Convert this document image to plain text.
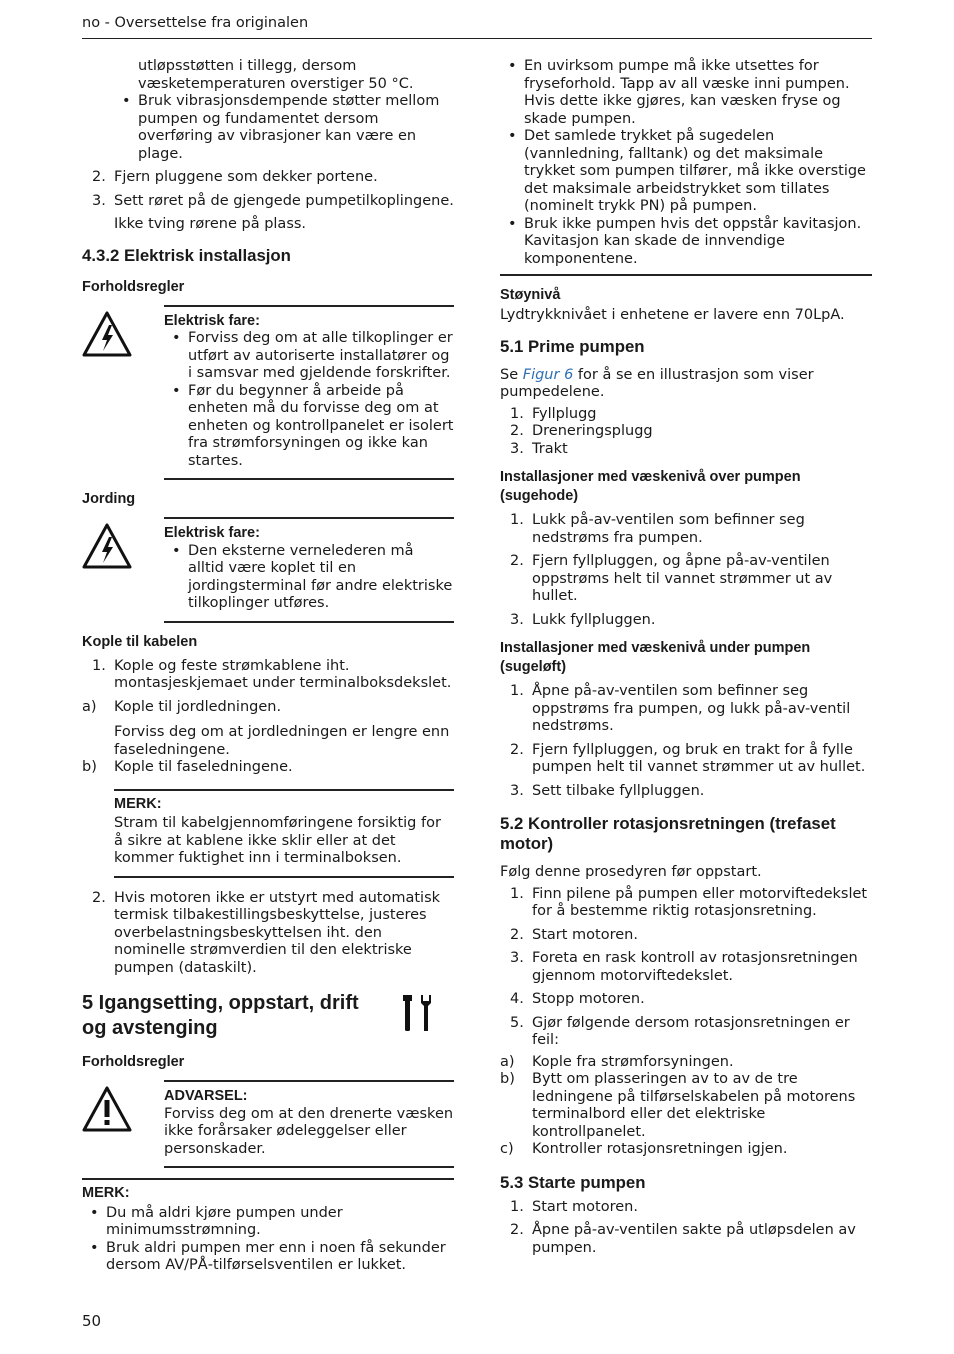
no - Oversettelse fra originalen
utløpsstøtten i tillegg, dersom væsketemperaturen overstiger 50 °C.
• Bruk vibrasjonsdempende støtter mellom pumpen og fundamentet dersom overføring av vibrasjoner kan være en plage.
2. Fjern pluggene som dekker portene.
3. Sett røret på de gjengede pumpetilkoplingene.

Ikke tving rørene på plass.

4.3.2 Elektrisk installasjon
Forholdsregler
Elektrisk fare:
• Forviss deg om at alle tilkoplinger er utført av autoriserte installatører og i samsvar med gjeldende forskrifter.
• Før du begynner å arbeide på enheten må du forvisse deg om at enheten og kontrollpanelet er isolert fra strømforsyningen og ikke kan startes.
Jording
Elektrisk fare:
• Den eksterne vernelederen må alltid være koplet til en jordingsterminal før andre elektriske tilkoplinger utføres.
Kople til kabelen
1. Kople og feste strømkablene iht. montasjeskjemaet under terminalboksdekslet.
a) Kople til jordledningen.

Forviss deg om at jordledningen er lengre enn faseledningene.

b) Kople til faseledningene.
MERK:

Stram til kabelgjennomføringene forsiktig for å sikre at kablene ikke sklir eller at det kommer fuktighet inn i terminalboksen.

2. Hvis motoren ikke er utstyrt med automatisk termisk tilbakestillingsbeskyttelse, justeres overbelastningsbeskyttelsen iht. den nominelle strømverdien til den elektriske pumpen (dataskilt).
5 Igangsetting, oppstart, drift og avstenging
Forholdsregler
ADVARSEL:

Forviss deg om at den drenerte væsken ikke forårsaker ødeleggelser eller personskader.

MERK:
• Du må aldri kjøre pumpen under minimumsstrømning.
• Bruk aldri pumpen mer enn i noen få sekunder dersom AV/PÅ-tilførselsventilen er lukket.
• En uvirksom pumpe må ikke utsettes for fryseforhold. Tapp av all væske inni pumpen. Hvis dette ikke gjøres, kan væsken fryse og skade pumpen.
• Det samlede trykket på sugedelen (vannledning, falltank) og det maksimale trykket som pumpen tilfører, må ikke overstige det maksimale arbeidstrykket som tillates (nominelt trykk PN) på pumpen.
• Bruk ikke pumpen hvis det oppstår kavitasjon. Kavitasjon kan skade de innvendige komponentene.
Støynivå

Lydtrykknivået i enhetene er lavere enn 70LpA.

5.1 Prime pumpen

Se Figur 6 for å se en illustrasjon som viser pumpedelene.

1. Fyllplugg
2. Dreneringsplugg
3. Trakt
Installasjoner med væskenivå over pumpen (sugehode)
1. Lukk på-av-ventilen som befinner seg nedstrøms fra pumpen.
2. Fjern fyllpluggen, og åpne på-av-ventilen oppstrøms helt til vannet strømmer ut av hullet.
3. Lukk fyllpluggen.
Installasjoner med væskenivå under pumpen (sugeløft)
1. Åpne på-av-ventilen som befinner seg oppstrøms fra pumpen, og lukk på-av-ventil nedstrøms.
2. Fjern fyllpluggen, og bruk en trakt for å fylle pumpen helt til vannet strømmer ut av hullet.
3. Sett tilbake fyllpluggen.
5.2 Kontroller rotasjonsretningen (trefaset motor)

Følg denne prosedyren før oppstart.

1. Finn pilene på pumpen eller motorviftedekslet for å bestemme riktig rotasjonsretning.
2. Start motoren.
3. Foreta en rask kontroll av rotasjonsretningen gjennom motorviftedekslet.
4. Stopp motoren.
5. Gjør følgende dersom rotasjonsretningen er feil:
a) Kople fra strømforsyningen.
b) Bytt om plasseringen av to av de tre ledningene på tilførselskabelen på motorens terminalbord eller det elektriske kontrollpanelet.
c) Kontroller rotasjonsretningen igjen.
5.3 Starte pumpen
1. Start motoren.
2. Åpne på-av-ventilen sakte på utløpsdelen av pumpen.
50
